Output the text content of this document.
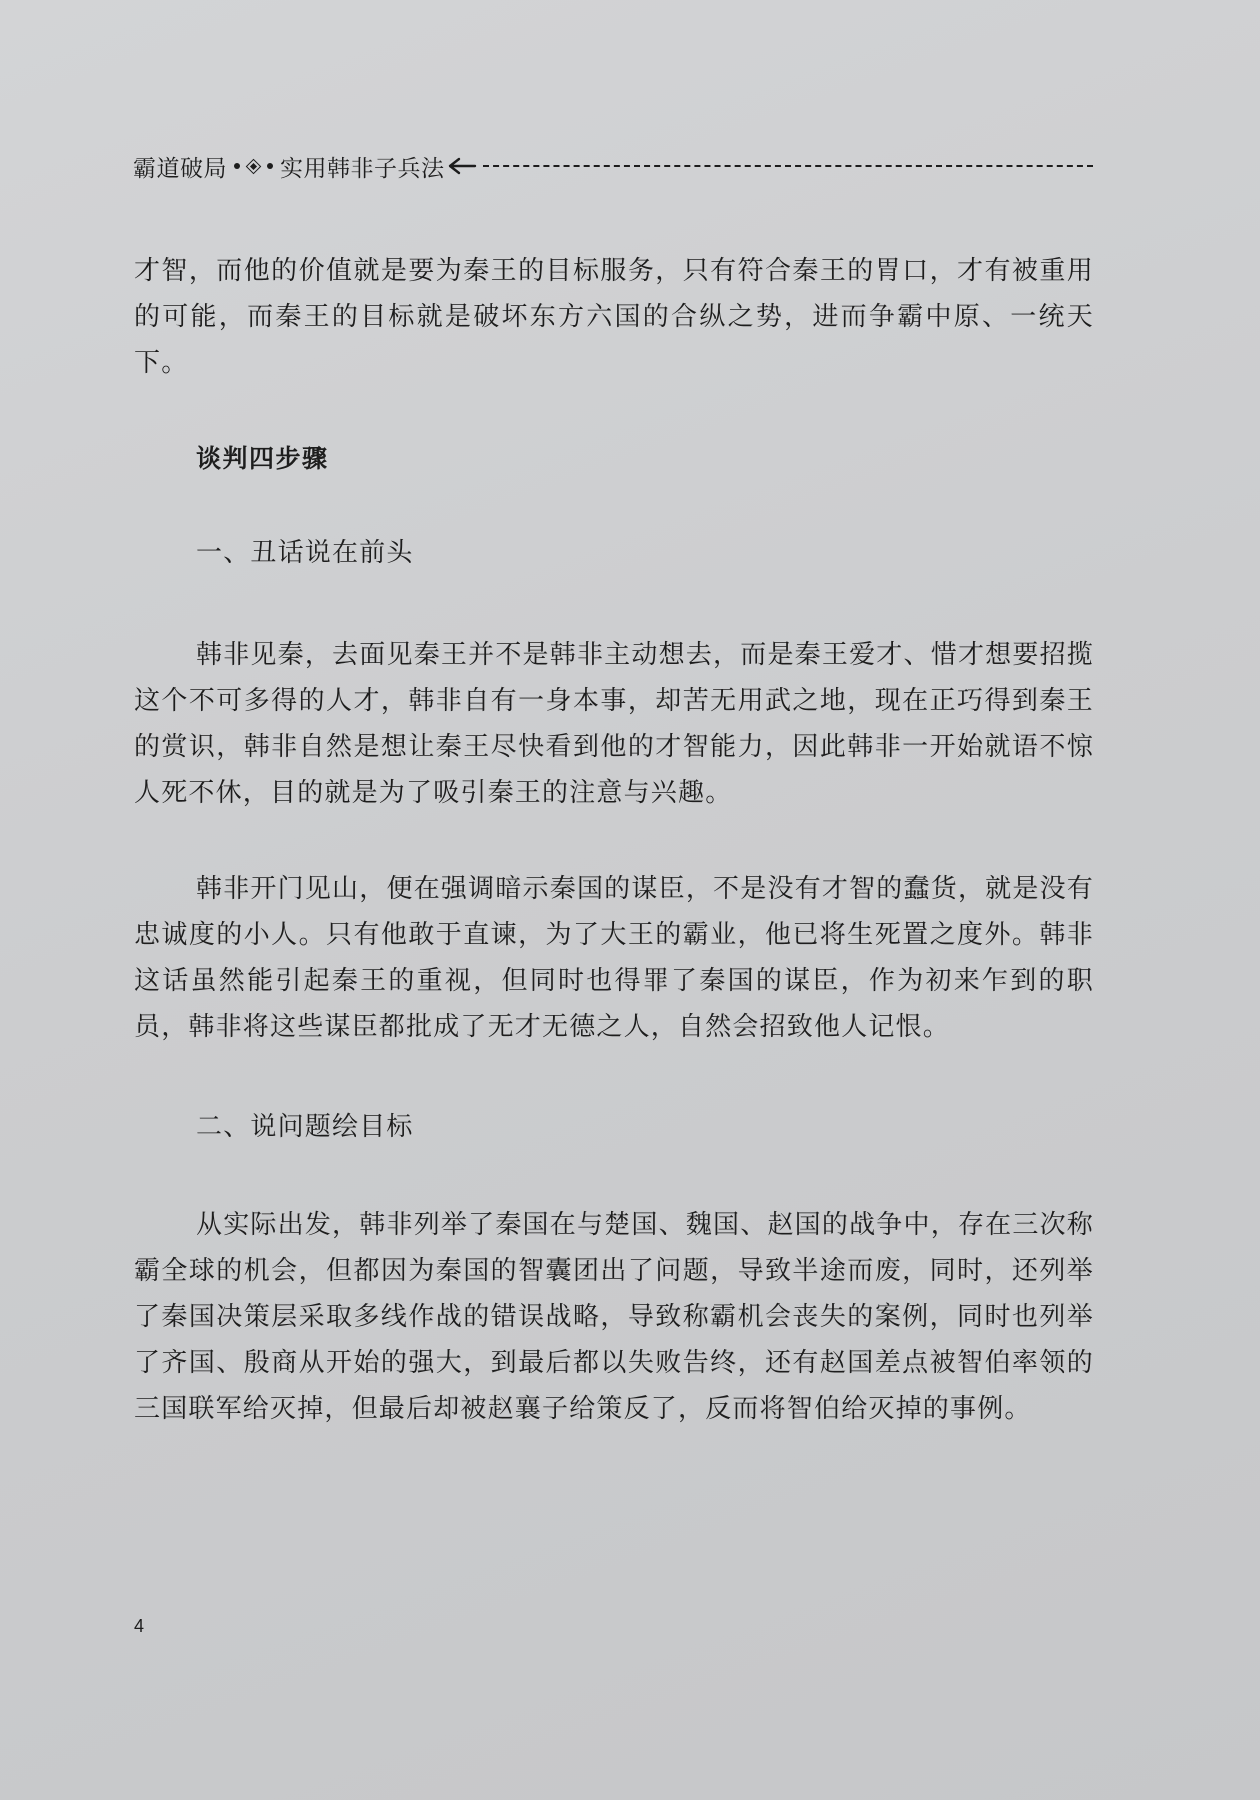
霸道破局 实用韩非子兵法

才智，而他的价值就是要为秦王的目标服务，只有符合秦王的胃口，才有被重用的可能，而秦王的目标就是破坏东方六国的合纵之势，进而争霸中原、一统天下。

谈判四步骤

一、丑话说在前头

韩非见秦，去面见秦王并不是韩非主动想去，而是秦王爱才、惜才想要招揽这个不可多得的人才，韩非自有一身本事，却苦无用武之地，现在正巧得到秦王的赏识，韩非自然是想让秦王尽快看到他的才智能力，因此韩非一开始就语不惊人死不休，目的就是为了吸引秦王的注意与兴趣。

韩非开门见山，便在强调暗示秦国的谋臣，不是没有才智的蠢货，就是没有忠诚度的小人。只有他敢于直谏，为了大王的霸业，他已将生死置之度外。韩非这话虽然能引起秦王的重视，但同时也得罪了秦国的谋臣，作为初来乍到的职员，韩非将这些谋臣都批成了无才无德之人，自然会招致他人记恨。

二、说问题绘目标

从实际出发，韩非列举了秦国在与楚国、魏国、赵国的战争中，存在三次称霸全球的机会，但都因为秦国的智囊团出了问题，导致半途而废，同时，还列举了秦国决策层采取多线作战的错误战略，导致称霸机会丧失的案例，同时也列举了齐国、殷商从开始的强大，到最后都以失败告终，还有赵国差点被智伯率领的三国联军给灭掉，但最后却被赵襄子给策反了，反而将智伯给灭掉的事例。

4
